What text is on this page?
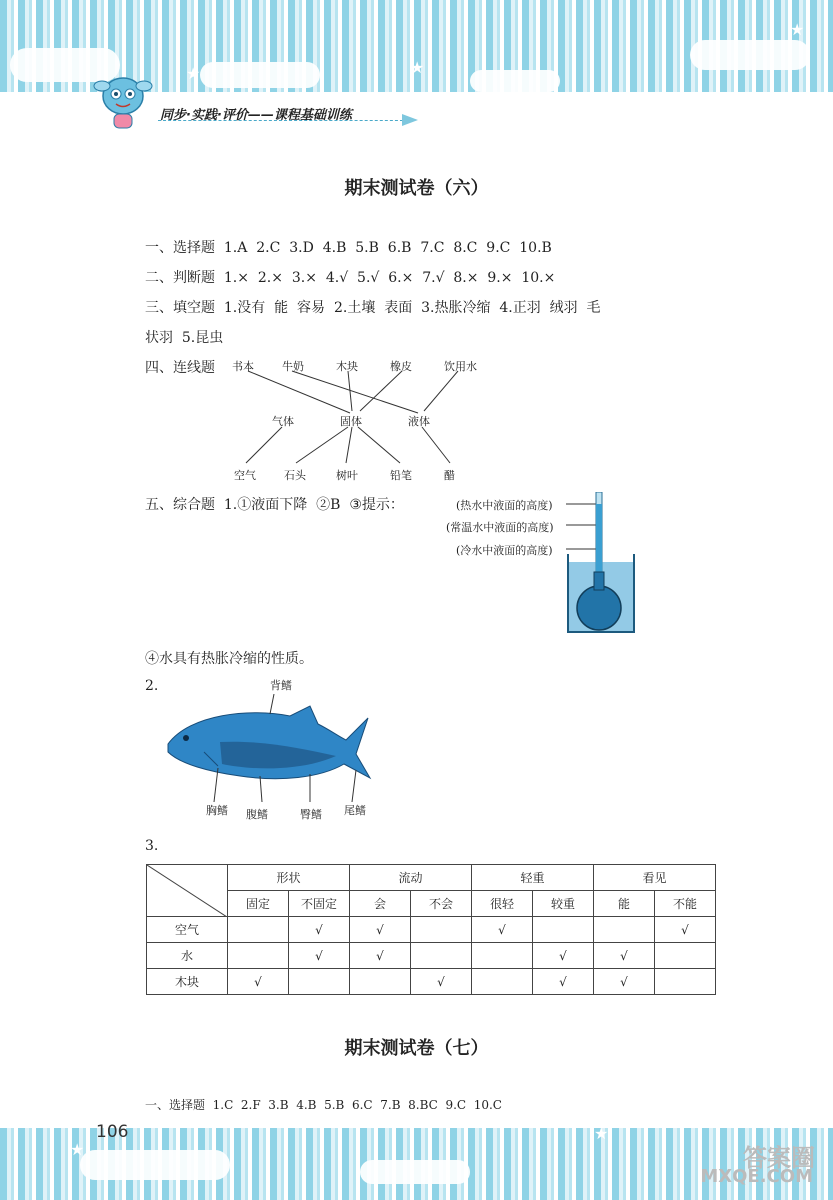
★	★
★
同步·实践·评价——课程基础训练
期末测试卷（六）
一、选择题  1.A  2.C  3.D  4.B  5.B  6.B  7.C  8.C  9.C  10.B
二、判断题  1.×  2.×  3.×  4.√  5.√  6.×  7.√  8.×  9.×  10.×
三、填空题  1.没有  能  容易  2.土壤  表面  3.热胀冷缩  4.正羽  绒羽  毛
状羽  5.昆虫
四、连线题 书本	牛奶	木块	橡皮	饮用水
气体	固体	液体
空气	石头	树叶	铅笔	醋
五、综合题  1.①液面下降  ②B  ③提示：	(热水中液面的高度)
(常温水中液面的高度)
(冷水中液面的高度)
④水具有热胀冷缩的性质。
2.	背鳍
胸鳍 腹鳍	臀鳍 尾鳍
3.
	形状		流动		轻重		看见	
	固定	不固定	会	不会	很轻	较重	能	不能
空气		√	√		√			√
水		√	√			√	√	
木块	√			√		√	√	
期末测试卷（七）
一、选择题  1.C  2.F  3.B  4.B  5.B  6.C  7.B  8.BC  9.C  10.C
★
★
106
答案圈
MXQE.COM
